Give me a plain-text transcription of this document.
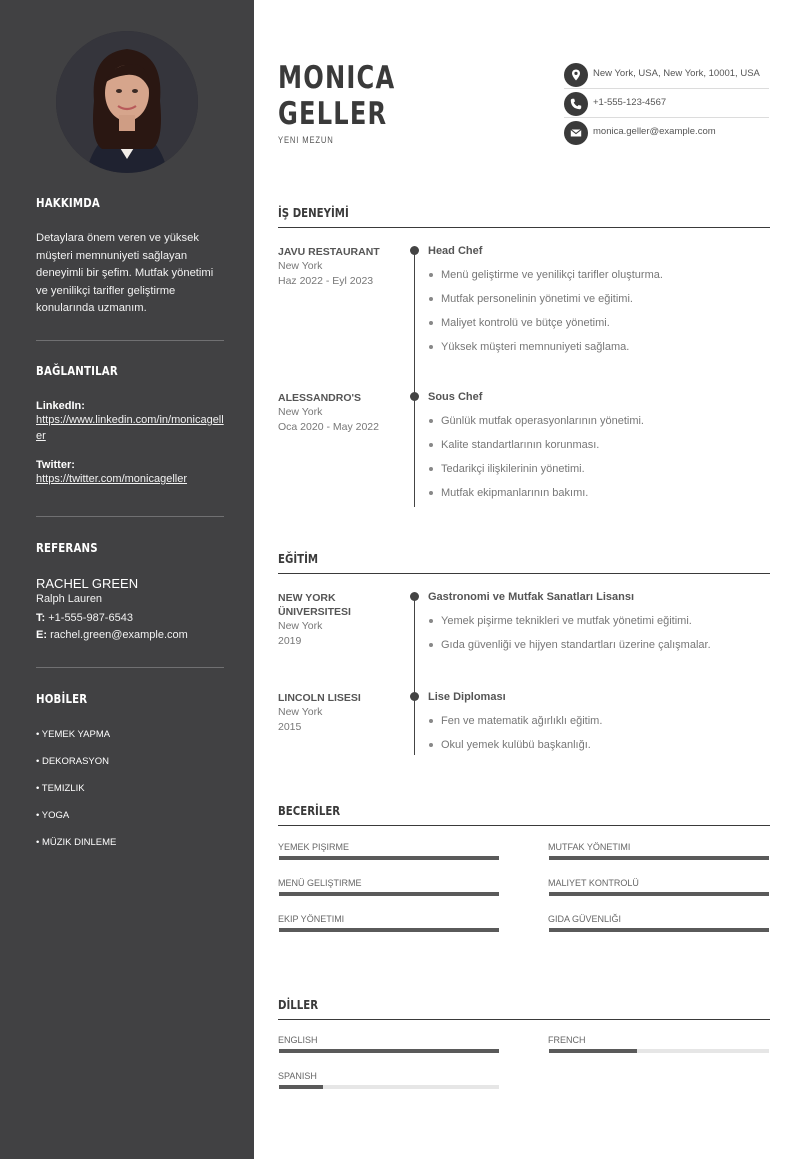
HAKKIMDA
Detaylara önem veren ve yüksek müşteri memnuniyeti sağlayan deneyimli bir şefim. Mutfak yönetimi ve yenilikçi tarifler geliştirme konularında uzmanım.
BAĞLANTILAR
LinkedIn:
https://www.linkedin.com/in/monicageller
Twitter:
https://twitter.com/monicageller
REFERANS
RACHEL GREEN
Ralph Lauren
T: +1-555-987-6543
E: rachel.green@example.com
HOBİLER
• YEMEK YAPMA
• DEKORASYON
• TEMIZLIK
• YOGA
• MÜZIK DINLEME
MONICA
GELLER
YENI MEZUN
New York, USA, New York, 10001, USA
+1-555-123-4567
monica.geller@example.com
İŞ DENEYİMİ
JAVU RESTAURANT
New York
Haz 2022 - Eyl 2023
Head Chef
Menü geliştirme ve yenilikçi tarifler oluşturma.
Mutfak personelinin yönetimi ve eğitimi.
Maliyet kontrolü ve bütçe yönetimi.
Yüksek müşteri memnuniyeti sağlama.
ALESSANDRO'S
New York
Oca 2020 - May 2022
Sous Chef
Günlük mutfak operasyonlarının yönetimi.
Kalite standartlarının korunması.
Tedarikçi ilişkilerinin yönetimi.
Mutfak ekipmanlarının bakımı.
EĞİTİM
NEW YORK
ÜNIVERSITESI
New York
2019
Gastronomi ve Mutfak Sanatları Lisansı
Yemek pişirme teknikleri ve mutfak yönetimi eğitimi.
Gıda güvenliği ve hijyen standartları üzerine çalışmalar.
LINCOLN LISESI
New York
2015
Lise Diploması
Fen ve matematik ağırlıklı eğitim.
Okul yemek kulübü başkanlığı.
BECERİLER
YEMEK PIŞIRME	MUTFAK YÖNETIMI
MENÜ GELIŞTIRME	MALIYET KONTROLÜ
EKIP YÖNETIMI	GIDA GÜVENLIĞI
DİLLER
ENGLISH	FRENCH
SPANISH
